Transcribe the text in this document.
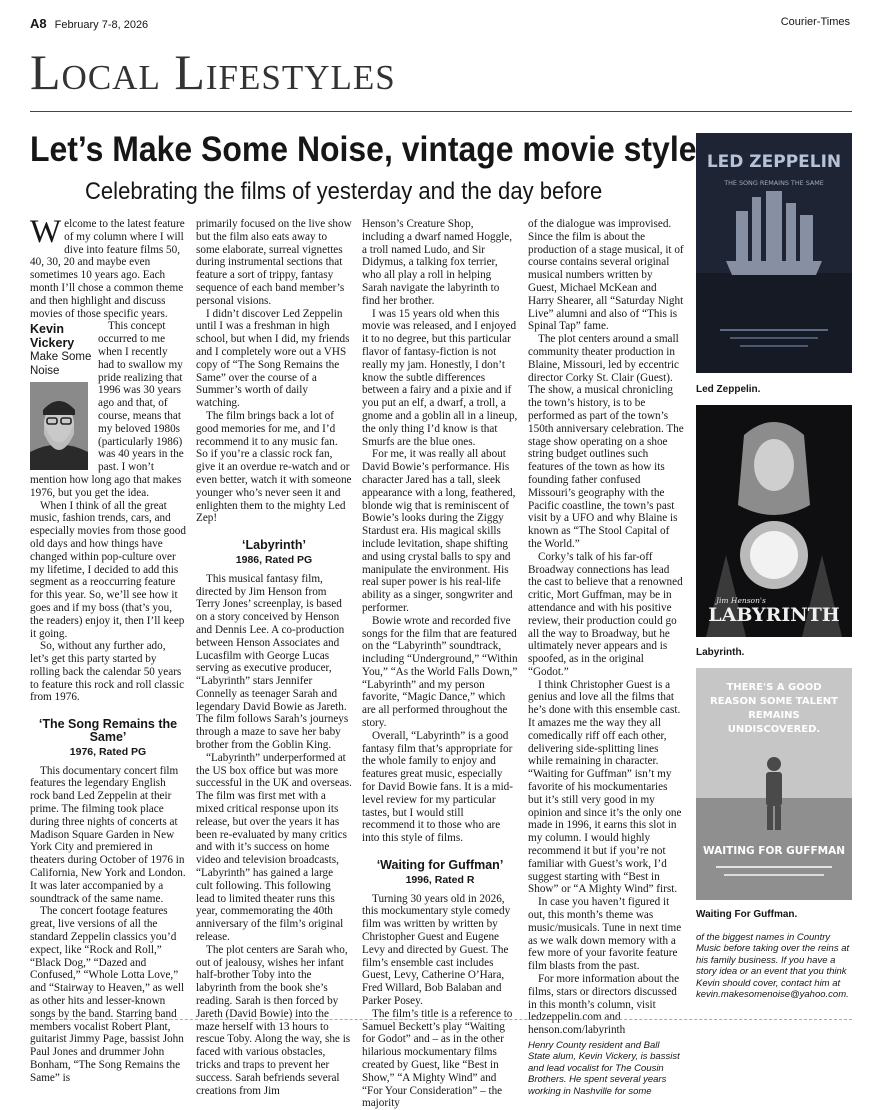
A8 February 7-8, 2026	Courier-Times
Local Lifestyles
Let’s Make Some Noise, vintage movie style
Celebrating the films of yesterday and the day before

Welcome to the latest feature of my column where I will dive into feature films 50, 40, 30, 20 and maybe even sometimes 10 years ago. Each month I’ll chose a common theme and then highlight and discuss movies of those specific years.

Kevin Vickery
Make Some Noise

This concept occurred to me when I recently had to swallow my pride realizing that 1996 was 30 years ago and that, of course, means that my beloved 1980s (particularly 1986) was 40 years in the past. I won’t mention how long ago that makes 1976, but you get the idea.

When I think of all the great music, fashion trends, cars, and especially movies from those good old days and how things have changed within pop-culture over my lifetime, I decided to add this segment as a reoccurring feature for this year. So, we’ll see how it goes and if my boss (that’s you, the readers) enjoy it, then I’ll keep it going.

So, without any further ado, let’s get this party started by rolling back the calendar 50 years to feature this rock and roll classic from 1976.

‘The Song Remains the Same’
1976, Rated PG

This documentary concert film features the legendary English rock band Led Zeppelin at their prime. The filming took place during three nights of concerts at Madison Square Garden in New York City and premiered in theaters during October of 1976 in California, New York and London. It was later accompanied by a soundtrack of the same name.

The concert footage features great, live versions of all the standard Zeppelin classics you’d expect, like “Rock and Roll,” “Black Dog,” “Dazed and Confused,” “Whole Lotta Love,” and “Stairway to Heaven,” as well as other hits and lesser-known songs by the band. Starring band members vocalist Robert Plant, guitarist Jimmy Page, bassist John Paul Jones and drummer John Bonham, “The Song Remains the Same” is

primarily focused on the live show but the film also eats away to some elaborate, surreal vignettes during instrumental sections that feature a sort of trippy, fantasy sequence of each band member’s personal visions.

I didn’t discover Led Zeppelin until I was a freshman in high school, but when I did, my friends and I completely wore out a VHS copy of “The Song Remains the Same” over the course of a Summer’s worth of daily watching.

The film brings back a lot of good memories for me, and I’d recommend it to any music fan. So if you’re a classic rock fan, give it an overdue re-watch and or even better, watch it with someone younger who’s never seen it and enlighten them to the mighty Led Zep!

‘Labyrinth’
1986, Rated PG

This musical fantasy film, directed by Jim Henson from Terry Jones’ screenplay, is based on a story conceived by Henson and Dennis Lee. A co-production between Henson Associates and Lucasfilm with George Lucas serving as executive producer, “Labyrinth” stars Jennifer Connelly as teenager Sarah and legendary David Bowie as Jareth. The film follows Sarah’s journeys through a maze to save her baby brother from the Goblin King.

“Labyrinth” underperformed at the US box office but was more successful in the UK and overseas. The film was first met with a mixed critical response upon its release, but over the years it has been re-evaluated by many critics and with it’s success on home video and television broadcasts, “Labyrinth” has gained a large cult following. This following lead to limited theater runs this year, commemorating the 40th anniversary of the film’s original release.

The plot centers are Sarah who, out of jealousy, wishes her infant half-brother Toby into the labyrinth from the book she’s reading. Sarah is then forced by Jareth (David Bowie) into the maze herself with 13 hours to rescue Toby. Along the way, she is faced with various obstacles, tricks and traps to prevent her success. Sarah befriends several creations from Jim

Henson’s Creature Shop, including a dwarf named Hoggle, a troll named Ludo, and Sir Didymus, a talking fox terrier, who all play a roll in helping Sarah navigate the labyrinth to find her brother.

I was 15 years old when this movie was released, and I enjoyed it to no degree, but this particular flavor of fantasy-fiction is not really my jam. Honestly, I don’t know the subtle differences between a fairy and a pixie and if you put an elf, a dwarf, a troll, a gnome and a goblin all in a lineup, the only thing I’d know is that Smurfs are the blue ones.

For me, it was really all about David Bowie’s performance. His character Jared has a tall, sleek appearance with a long, feathered, blonde wig that is reminiscent of Bowie’s looks during the Ziggy Stardust era. His magical skills include levitation, shape shifting and using crystal balls to spy and manipulate the environment. His real super power is his real-life ability as a singer, songwriter and performer.

Bowie wrote and recorded five songs for the film that are featured on the “Labyrinth” soundtrack, including “Underground,” “Within You,” “As the World Falls Down,” “Labyrinth” and my person favorite, “Magic Dance,” which are all performed throughout the story.

Overall, “Labyrinth” is a good fantasy film that’s appropriate for the whole family to enjoy and features great music, especially for David Bowie fans. It is a mid-level review for my particular tastes, but I would still recommend it to those who are into this style of films.

‘Waiting for Guffman’
1996, Rated R

Turning 30 years old in 2026, this mockumentary style comedy film was written by written by Christopher Guest and Eugene Levy and directed by Guest. The film’s ensemble cast includes Guest, Levy, Catherine O’Hara, Fred Willard, Bob Balaban and Parker Posey.

The film’s title is a reference to Samuel Beckett’s play “Waiting for Godot” and – as in the other hilarious mockumentary films created by Guest, like “Best in Show,” “A Mighty Wind” and “For Your Consideration” – the majority

of the dialogue was improvised. Since the film is about the production of a stage musical, it of course contains several original musical numbers written by Guest, Michael McKean and Harry Shearer, all “Saturday Night Live” alumni and also of “This is Spinal Tap” fame.

The plot centers around a small community theater production in Blaine, Missouri, led by eccentric director Corky St. Clair (Guest). The show, a musical chronicling the town’s history, is to be performed as part of the town’s 150th anniversary celebration. The stage show operating on a shoe string budget outlines such features of the town as how its founding father confused Missouri’s geography with the Pacific coastline, the town’s past visit by a UFO and why Blaine is known as “The Stool Capital of the World.”

Corky’s talk of his far-off Broadway connections has lead the cast to believe that a renowned critic, Mort Guffman, may be in attendance and with his positive review, their production could go all the way to Broadway, but he ultimately never appears and is spoofed, as in the original “Godot.”

I think Christopher Guest is a genius and love all the films that he’s done with this ensemble cast. It amazes me the way they all comedically riff off each other, delivering side-splitting lines while remaining in character. “Waiting for Guffman” isn’t my favorite of his mockumentaries but it’s still very good in my opinion and since it’s the only one made in 1996, it earns this slot in my column. I would highly recommend it but if you’re not familiar with Guest’s work, I’d suggest starting with “Best in Show” or “A Mighty Wind” first.

In case you haven’t figured it out, this month’s theme was music/musicals. Tune in next time as we walk down memory with a few more of your favorite feature film blasts from the past.

For more information about the films, stars or directors discussed in this month’s column, visit ledzeppelin.com and henson.com/labyrinth

Henry County resident and Ball State alum, Kevin Vickery, is bassist and lead vocalist for The Cousin Brothers. He spent several years working in Nashville for some

LED ZEPPELIN
THE SONG REMAINS THE SAME
Led Zeppelin.
Jim Henson's
LABYRINTH
Labyrinth.
THERE'S A GOOD
REASON SOME TALENT
REMAINS
UNDISCOVERED.
WAITING FOR GUFFMAN
Waiting For Guffman.

of the biggest names in Country Music before taking over the reins at his family business. If you have a story idea or an event that you think Kevin should cover, contact him at kevin.makesomenoise@yahoo.com.
